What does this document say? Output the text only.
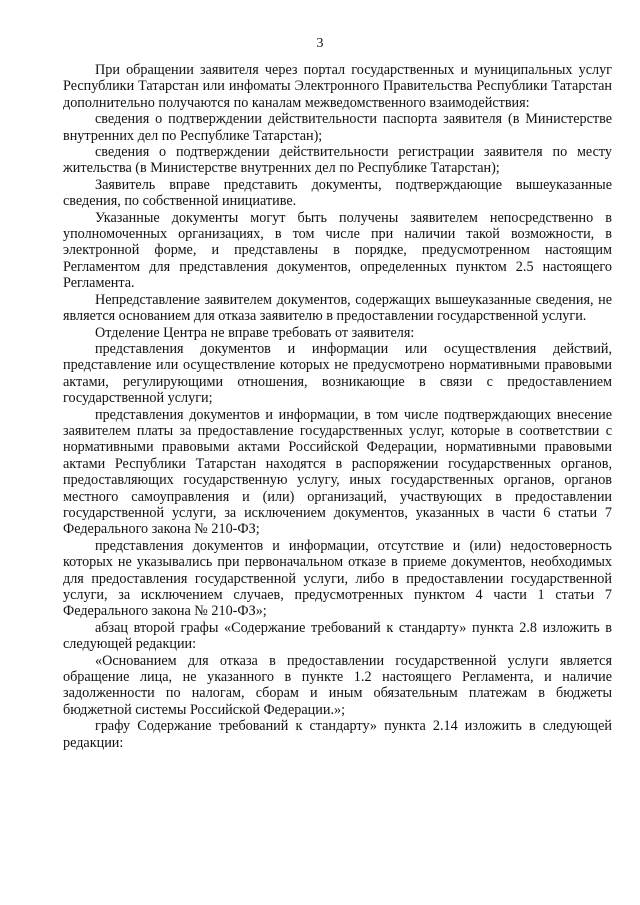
3

При обращении заявителя через портал государственных и муниципальных услуг Республики Татарстан или инфоматы Электронного Правительства Республики Татарстан дополнительно получаются по каналам межведомственного взаимодействия:

сведения о подтверждении действительности паспорта заявителя (в Министерстве внутренних дел по Республике Татарстан);

сведения о подтверждении действительности регистрации заявителя по месту жительства (в Министерстве внутренних дел по Республике Татарстан);

Заявитель вправе представить документы, подтверждающие вышеуказанные сведения, по собственной инициативе.

Указанные документы могут быть получены заявителем непосредственно в уполномоченных организациях, в том числе при наличии такой возможности, в электронной форме, и представлены в порядке, предусмотренном настоящим Регламентом для представления документов, определенных пунктом 2.5 настоящего Регламента.

Непредставление заявителем документов, содержащих вышеуказанные сведения, не является основанием для отказа заявителю в предоставлении государственной услуги.

Отделение Центра не вправе требовать от заявителя:

представления документов и информации или осуществления действий, представление или осуществление которых не предусмотрено нормативными правовыми актами, регулирующими отношения, возникающие в связи с предоставлением государственной услуги;

представления документов и информации, в том числе подтверждающих внесение заявителем платы за предоставление государственных услуг, которые в соответствии с нормативными правовыми актами Российской Федерации, нормативными правовыми актами Республики Татарстан находятся в распоряжении государственных органов, предоставляющих государственную услугу, иных государственных органов, органов местного самоуправления и (или) организаций, участвующих в предоставлении государственной услуги, за исключением документов, указанных в части 6 статьи 7 Федерального закона № 210-ФЗ;

представления документов и информации, отсутствие и (или) недостоверность которых не указывались при первоначальном отказе в приеме документов, необходимых для предоставления государственной услуги, либо в предоставлении государственной услуги, за исключением случаев, предусмотренных пунктом 4 части 1 статьи 7 Федерального закона № 210-ФЗ»;

абзац второй графы «Содержание требований к стандарту» пункта 2.8 изложить в следующей редакции:

«Основанием для отказа в предоставлении государственной услуги является обращение лица, не указанного в пункте 1.2 настоящего Регламента, и наличие задолженности по налогам, сборам и иным обязательным платежам в бюджеты бюджетной системы Российской Федерации.»;

графу Содержание требований к стандарту» пункта 2.14 изложить в следующей редакции:
